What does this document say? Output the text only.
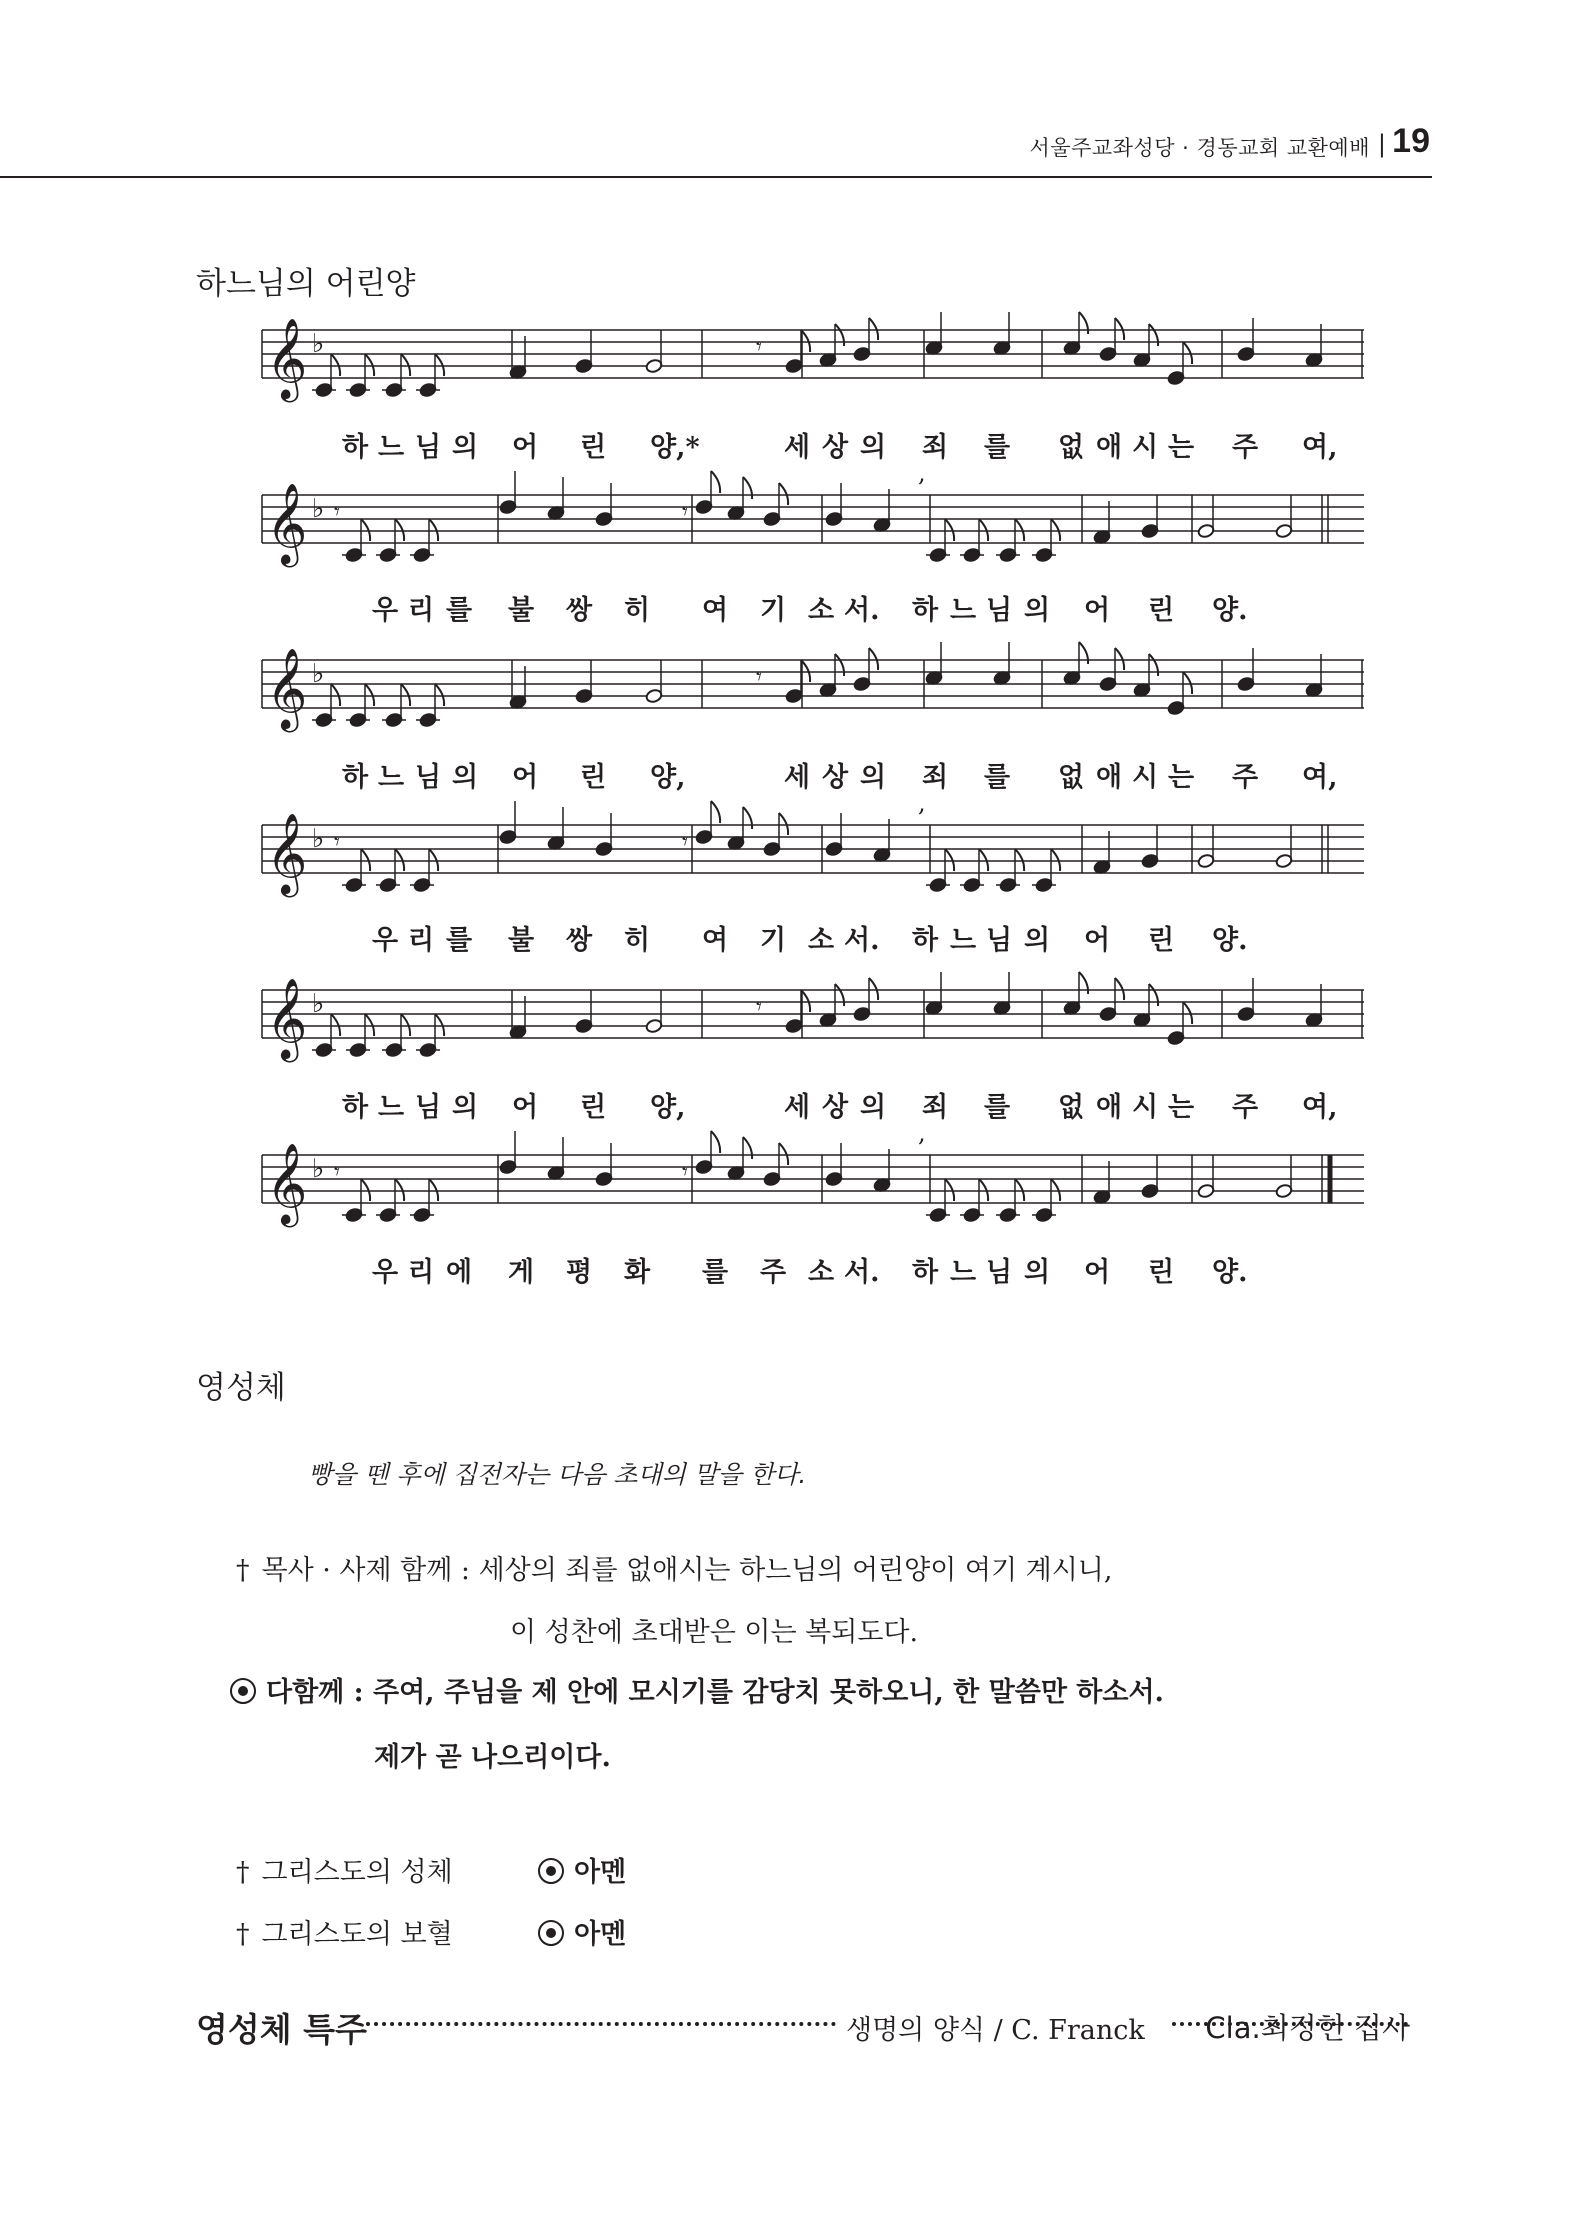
서울주교좌성당 · 경동교회 교환예배 | 19
하느님의 어린양
𝄞 ♭	𝄾
하 느 님 의 어 린 양,*	세 상 의 죄 를 없 애 시 는 주 여,
𝄞 ♭ 𝄾	𝄾
,
우 리 를 불 쌍 히 여 기 소 서. 하 느 님 의 어 린 양.
𝄞 ♭	𝄾
하 느 님 의 어 린 양,	세 상 의 죄 를 없 애 시 는 주 여,
𝄞 ♭ 𝄾	𝄾
,
우 리 를 불 쌍 히 여 기 소 서. 하 느 님 의 어 린 양.
𝄞 ♭	𝄾
하 느 님 의 어 린 양,	세 상 의 죄 를 없 애 시 는 주 여,
𝄞 ♭ 𝄾	𝄾
,
우 리 에 게 평 화 를 주 소 서. 하 느 님 의 어 린 양.
영성체
빵을 뗀 후에 집전자는 다음 초대의 말을 한다.
† 목사 · 사제 함께 : 세상의 죄를 없애시는 하느님의 어린양이 여기 계시니,
이 성찬에 초대받은 이는 복되도다.
다함께 : 주여, 주님을 제 안에 모시기를 감당치 못하오니, 한 말씀만 하소서.
제가 곧 나으리이다.
† 그리스도의 성체	아멘
† 그리스도의 보혈	아멘
영성체 특주	생명의 양식 / C. Franck Cla.최정헌 집사
